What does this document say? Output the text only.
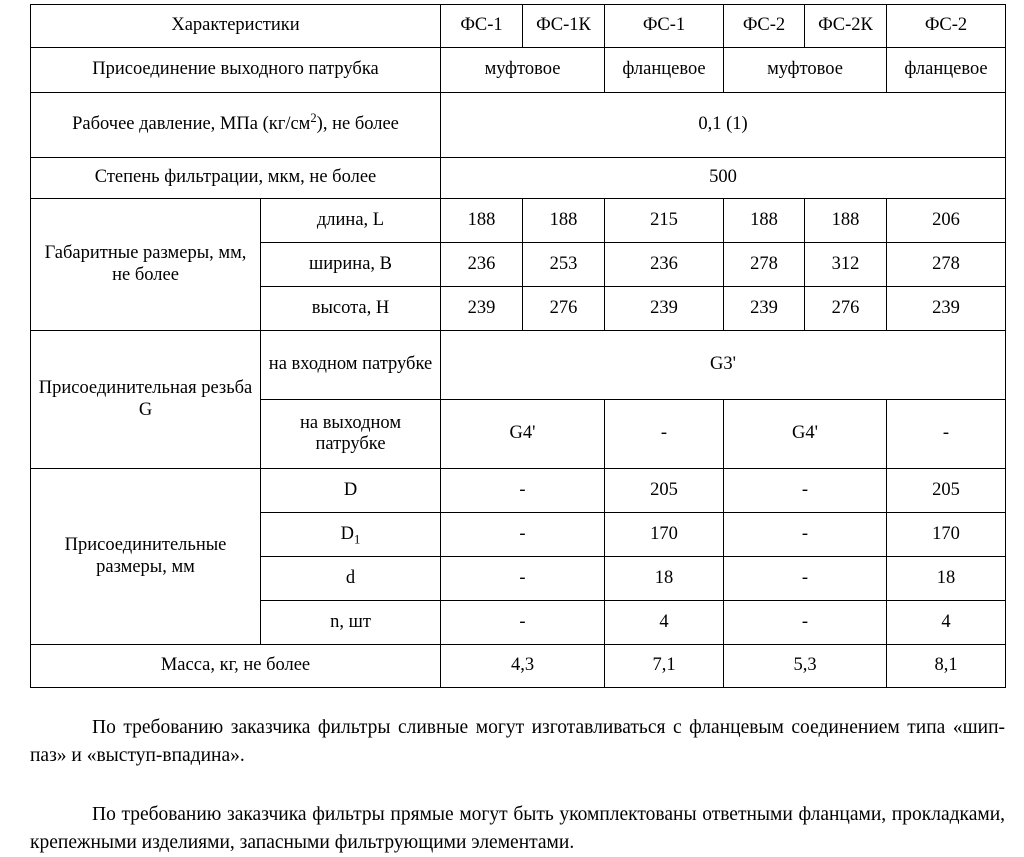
Характеристики		ФС-1	ФС-1К	ФС-1	ФС-2	ФС-2К	ФС-2
Присоединение выходного патрубка		муфтовое		фланцевое	муфтовое		фланцевое
Рабочее давление, МПа $(кг/см^2)$, не более		0,1 (1)					
Степень фильтрации, мкм, не более		500					
Габаритные размеры, мм, не более	длина, L	188	188	215	188	188	206
	ширина, B	236	253	236	278	312	278
	высота, H	239	276	239	239	276	239
Присоединительная резьба G	на входном патрубке	G3'					
	на выходном патрубке	G4'		-	G4'		-
Присоединительные размеры, мм	D	-		205	-		205
	$D_1$	-		170	-		170
	d	-		18	-		18
	n, шт	-		4	-		4
Масса, кг, не более		4,3		7,1	5,3		8,1

По требованию заказчика фильтры сливные могут изготавливаться с фланцевым соединением типа «шип-паз» и «выступ-впадина».

По требованию заказчика фильтры прямые могут быть укомплектованы ответными фланцами, прокладками, крепежными изделиями, запасными фильтрующими элементами.
